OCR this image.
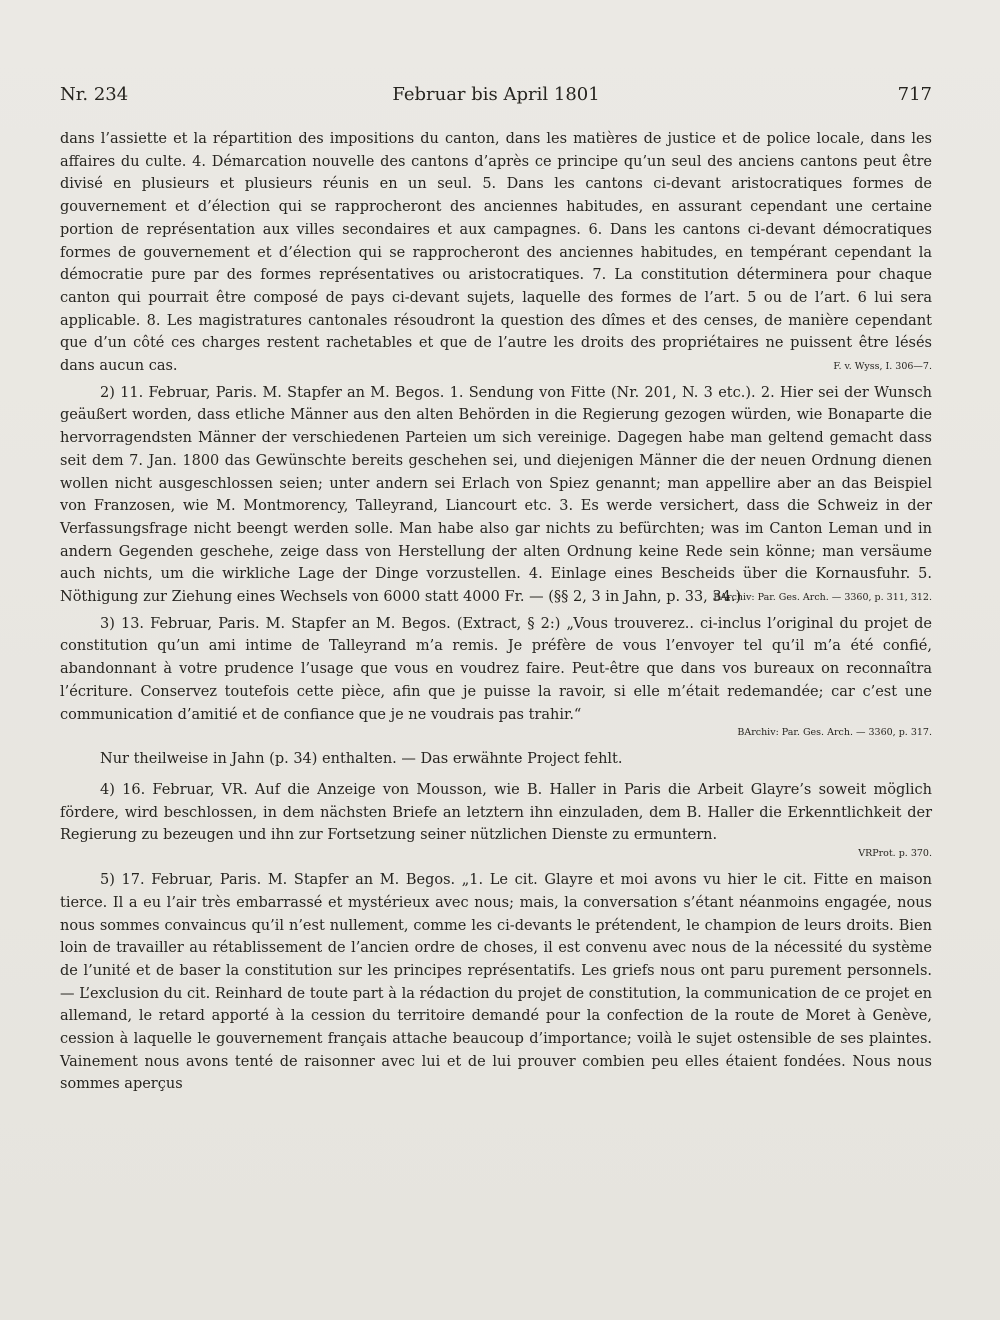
Nr. 234	Februar bis April 1801	717

dans l’assiette et la répartition des impositions du canton, dans les matières de justice et de police locale, dans les affaires du culte. 4. Démarcation nouvelle des cantons d’après ce principe qu’un seul des anciens cantons peut être divisé en plusieurs et plusieurs réunis en un seul. 5. Dans les cantons ci-devant aristocratiques formes de gouvernement et d’élection qui se rapprocheront des anciennes habitudes, en assurant cependant une certaine portion de représentation aux villes secondaires et aux campagnes. 6. Dans les cantons ci-devant démocratiques formes de gouvernement et d’élection qui se rapprocheront des anciennes habitudes, en tempérant cependant la démocratie pure par des formes représentatives ou aristocratiques. 7. La constitution déterminera pour chaque canton qui pourrait être composé de pays ci-devant sujets, laquelle des formes de l’art. 5 ou de l’art. 6 lui sera applicable. 8. Les magistratures cantonales résoudront la question des dîmes et des censes, de manière cependant que d’un côté ces charges restent rachetables et que de l’autre les droits des propriétaires ne puissent être lésés dans aucun cas.	F. v. Wyss, I. 306—7.

2) 11. Februar, Paris. M. Stapfer an M. Begos. 1. Sendung von Fitte (Nr. 201, N. 3 etc.). 2. Hier sei der Wunsch geäußert worden, dass etliche Männer aus den alten Behörden in die Regierung gezogen würden, wie Bonaparte die hervorragendsten Männer der verschiedenen Parteien um sich vereinige. Dagegen habe man geltend gemacht dass seit dem 7. Jan. 1800 das Gewünschte bereits geschehen sei, und diejenigen Männer die der neuen Ordnung dienen wollen nicht ausgeschlossen seien; unter andern sei Erlach von Spiez genannt; man appellire aber an das Beispiel von Franzosen, wie M. Montmorency, Talleyrand, Liancourt etc. 3. Es werde versichert, dass die Schweiz in der Verfassungsfrage nicht beengt werden solle. Man habe also gar nichts zu befürchten; was im Canton Leman und in andern Gegenden geschehe, zeige dass von Herstellung der alten Ordnung keine Rede sein könne; man versäume auch nichts, um die wirkliche Lage der Dinge vorzustellen. 4. Einlage eines Bescheids über die Kornausfuhr. 5. Nöthigung zur Ziehung eines Wechsels von 6000 statt 4000 Fr. — (§§ 2, 3 in Jahn, p. 33, 34.)

BArchiv: Par. Ges. Arch. — 3360, p. 311, 312.

3) 13. Februar, Paris. M. Stapfer an M. Begos. (Extract, § 2:) „Vous trouverez.. ci-inclus l’original du projet de constitution qu’un ami intime de Talleyrand m’a remis. Je préfère de vous l’envoyer tel qu’il m’a été confié, abandonnant à votre prudence l’usage que vous en voudrez faire. Peut-être que dans vos bureaux on reconnaîtra l’écriture. Conservez toutefois cette pièce, afin que je puisse la ravoir, si elle m’était redemandée; car c’est une communication d’amitié et de confiance que je ne voudrais pas trahir.“

BArchiv: Par. Ges. Arch. — 3360, p. 317.

Nur theilweise in Jahn (p. 34) enthalten. — Das erwähnte Project fehlt.

4) 16. Februar, VR. Auf die Anzeige von Mousson, wie B. Haller in Paris die Arbeit Glayre’s soweit möglich fördere, wird beschlossen, in dem nächsten Briefe an letztern ihn einzuladen, dem B. Haller die Erkenntlichkeit der Regierung zu bezeugen und ihn zur Fortsetzung seiner nützlichen Dienste zu ermuntern.

VRProt. p. 370.

5) 17. Februar, Paris. M. Stapfer an M. Begos. „1. Le cit. Glayre et moi avons vu hier le cit. Fitte en maison tierce. Il a eu l’air très embarrassé et mystérieux avec nous; mais, la conversation s’étant néanmoins engagée, nous nous sommes convaincus qu’il n’est nullement, comme les ci-devants le prétendent, le champion de leurs droits. Bien loin de travailler au rétablissement de l’ancien ordre de choses, il est convenu avec nous de la nécessité du système de l’unité et de baser la constitution sur les principes représentatifs. Les griefs nous ont paru purement personnels. — L’exclusion du cit. Reinhard de toute part à la rédaction du projet de constitution, la communication de ce projet en allemand, le retard apporté à la cession du territoire demandé pour la confection de la route de Moret à Genève, cession à laquelle le gouvernement français attache beaucoup d’importance; voilà le sujet ostensible de ses plaintes. Vainement nous avons tenté de raisonner avec lui et de lui prouver combien peu elles étaient fondées. Nous nous sommes aperçus
